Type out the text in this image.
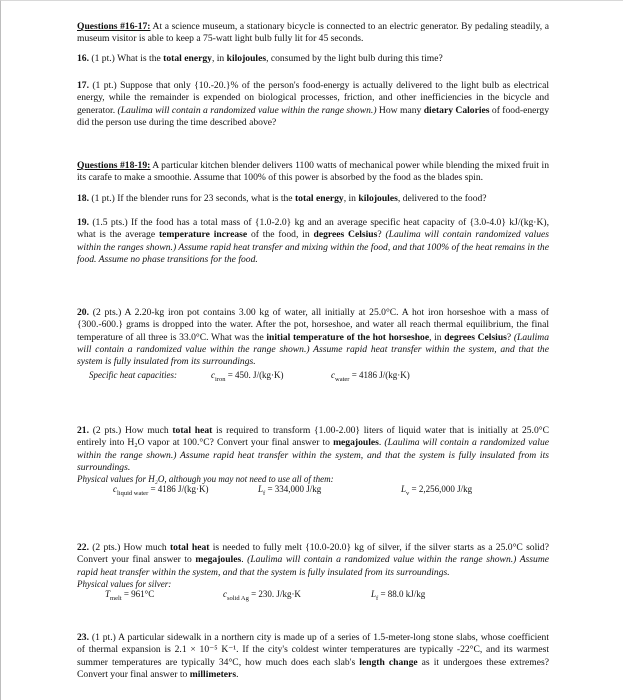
Questions #16-17: At a science museum, a stationary bicycle is connected to an electric generator. By pedaling steadily, a museum visitor is able to keep a 75-watt light bulb fully lit for 45 seconds.
16. (1 pt.) What is the total energy, in kilojoules, consumed by the light bulb during this time?
17. (1 pt.) Suppose that only {10.-20.}% of the person's food-energy is actually delivered to the light bulb as electrical energy, while the remainder is expended on biological processes, friction, and other inefficiencies in the bicycle and generator. (Laulima will contain a randomized value within the range shown.) How many dietary Calories of food-energy did the person use during the time described above?
Questions #18-19: A particular kitchen blender delivers 1100 watts of mechanical power while blending the mixed fruit in its carafe to make a smoothie. Assume that 100% of this power is absorbed by the food as the blades spin.
18. (1 pt.) If the blender runs for 23 seconds, what is the total energy, in kilojoules, delivered to the food?
19. (1.5 pts.) If the food has a total mass of {1.0-2.0} kg and an average specific heat capacity of {3.0-4.0} kJ/(kg·K), what is the average temperature increase of the food, in degrees Celsius? (Laulima will contain randomized values within the ranges shown.) Assume rapid heat transfer and mixing within the food, and that 100% of the heat remains in the food. Assume no phase transitions for the food.
20. (2 pts.) A 2.20-kg iron pot contains 3.00 kg of water, all initially at 25.0°C. A hot iron horseshoe with a mass of {300.-600.} grams is dropped into the water. After the pot, horseshoe, and water all reach thermal equilibrium, the final temperature of all three is 33.0°C. What was the initial temperature of the hot horseshoe, in degrees Celsius? (Laulima will contain a randomized value within the range shown.) Assume rapid heat transfer within the system, and that the system is fully insulated from its surroundings.
Specific heat capacities:	$c_{iron} = 450$. J/(kg·K)	$c_{water} = 4186$ J/(kg·K)
21. (2 pts.) How much total heat is required to transform {1.00-2.00} liters of liquid water that is initially at 25.0°C entirely into H₂O vapor at 100.°C? Convert your final answer to megajoules. (Laulima will contain a randomized value within the range shown.) Assume rapid heat transfer within the system, and that the system is fully insulated from its surroundings.
Physical values for H₂O, although you may not need to use all of them:
$c_{liquid water} = 4186$ J/(kg·K)	$L_f = 334,000$ J/kg	$L_v = 2,256,000$ J/kg
22. (2 pts.) How much total heat is needed to fully melt {10.0-20.0} kg of silver, if the silver starts as a 25.0°C solid? Convert your final answer to megajoules. (Laulima will contain a randomized value within the range shown.) Assume rapid heat transfer within the system, and that the system is fully insulated from its surroundings.
Physical values for silver:
$T_{melt} = 961^\circ C$	$c_{solid Ag} = 230$. J/kg·K	$L_f = 88.0$ kJ/kg
23. (1 pt.) A particular sidewalk in a northern city is made up of a series of 1.5-meter-long stone slabs, whose coefficient of thermal expansion is 2.1 × 10⁻⁵ K⁻¹. If the city's coldest winter temperatures are typically -22°C, and its warmest summer temperatures are typically 34°C, how much does each slab's length change as it undergoes these extremes? Convert your final answer to millimeters.
